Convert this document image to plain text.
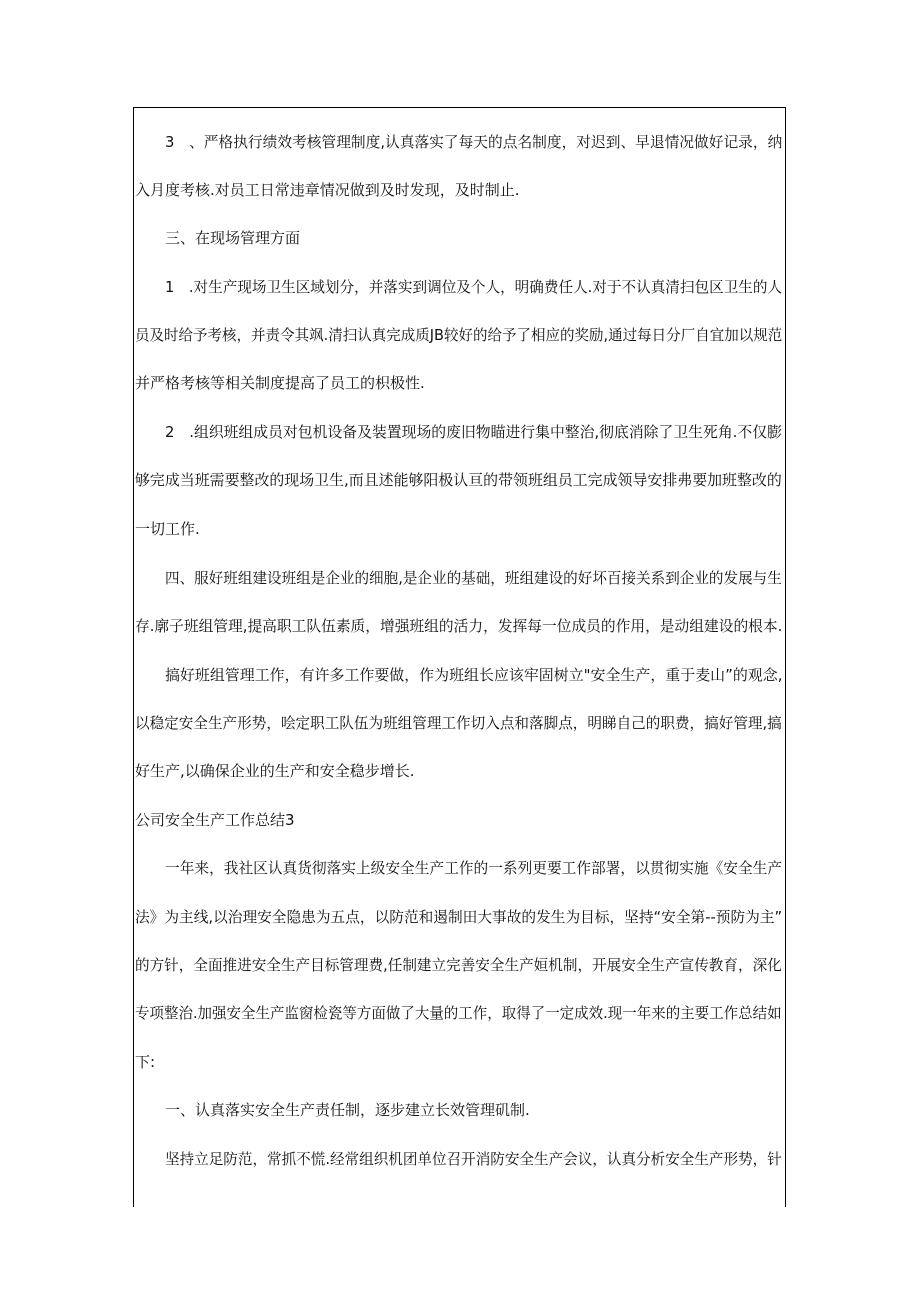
3　、严格执行绩效考核管理制度,认真落实了每天的点名制度，对迟到、早退情况做好记录，纳
入月度考核.对员工日常违章情况做到及时发现，及时制止.
三、在现场管理方面
1　.对生产现场卫生区域划分，并落实到调位及个人，明确费任人.对于不认真清扫包区卫生的人
员及时给予考核，并责令其飒.清扫认真完成质JB较好的给予了相应的奖励,通过每日分厂自宜加以规范
并严格考核等相关制度提高了员工的枳极性.
2　.组织班组成员对包机设备及装置现场的废旧物瞄进行集中整治,彻底消除了卫生死角.不仅膨
够完成当班需要整改的现场卫生,而且述能够阳极认亘的带领班组员工完成领导安排弗要加班整改的
一切工作.
四、服好班组建设班组是企业的细胞,是企业的基础，班组建设的好坏百接关系到企业的发展与生
存.廓子班组管理,提高职工队伍素质，增强班组的活力，发挥每一位成员的作用，是动组建设的根本.
搞好班组管理工作，有许多工作要做，作为班组长应该牢固树立"安全生产，重于麦山”的观念,
以稳定安全生产形势，哙定职工队伍为班组管理工作切入点和落脚点，明睇自己的职费，搞好管理,搞
好生产,以确保企业的生产和安全稳步增长.
公司安全生产工作总结3
一年来，我社区认真货彻落实上级安全生产工作的一系列更要工作部署，以贯彻实施《安全生产
法》为主线,以治理安全隐患为五点，以防范和遏制田大事故的发生为目标，坚持“安全第--预防为主”
的方针，全面推进安全生产目标管理费,任制建立完善安全生产姮机制，开展安全生产宣传教育，深化
专项整治.加强安全生产监窗检瓷等方面做了大量的工作，取得了一定成效.现一年来的主要工作总结如
下:
一、认真落实安全生产责任制，逐步建立长效管理矶制.
坚持立足防范，常抓不慌.经常组织机团单位召开消防安全生产会议，认真分析安全生产形势，针
